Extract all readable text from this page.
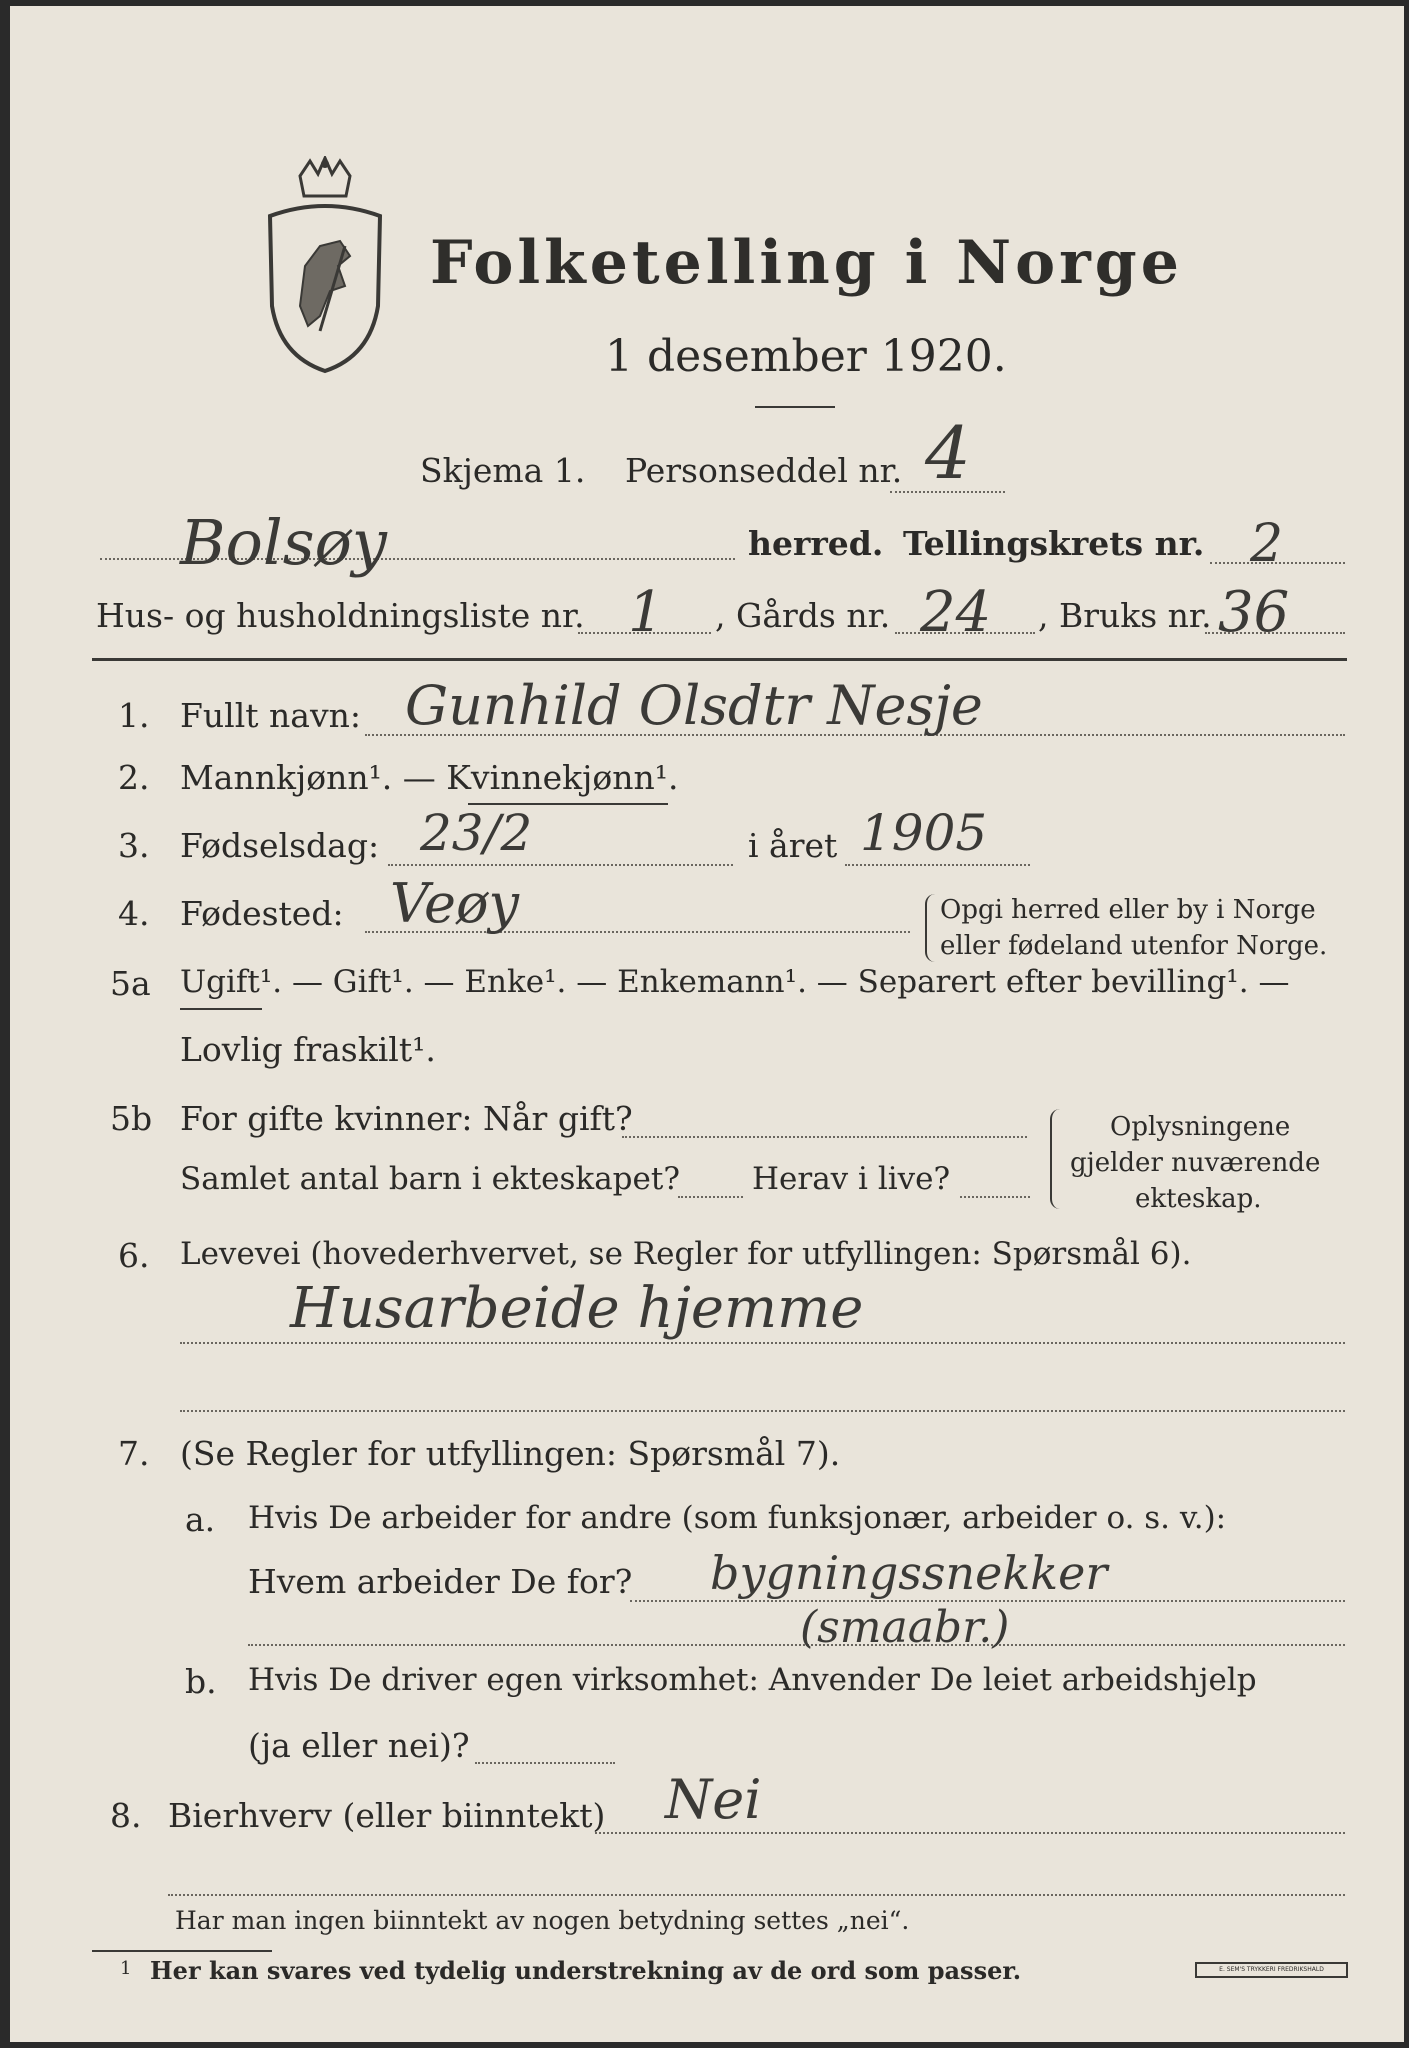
Folketelling i Norge
1 desember 1920.
Skjema 1. Personseddel nr. 4
Bolsøy	herred. Tellingskrets nr. 2
Hus- og husholdningsliste nr. 1 , Gårds nr. 24 , Bruks nr. 36
1. Fullt navn: Gunhild Olsdtr Nesje
2. Mannkjønn¹. — Kvinnekjønn¹.
3. Fødselsdag: 23/2	i året 1905
4. Fødested: Veøy	Opgi herred eller by i Norge
eller fødeland utenfor Norge.
5a Ugift¹. — Gift¹. — Enke¹. — Enkemann¹. — Separert efter bevilling¹. —
Lovlig fraskilt¹.
5b For gifte kvinner: Når gift?
Samlet antal barn i ekteskapet? Herav i live?
Oplysningene
gjelder nuværende
ekteskap.
6. Levevei (hovederhvervet, se Regler for utfyllingen: Spørsmål 6).
Husarbeide hjemme
7. (Se Regler for utfyllingen: Spørsmål 7).
a. Hvis De arbeider for andre (som funksjonær, arbeider o. s. v.):
Hvem arbeider De for? bygningssnekker
(smaabr.)
b. Hvis De driver egen virksomhet: Anvender De leiet arbeidshjelp
(ja eller nei)?
8. Bierhverv (eller biinntekt) Nei
Har man ingen biinntekt av nogen betydning settes „nei“.
1 Her kan svares ved tydelig understrekning av de ord som passer.	E. SEM'S TRYKKERI FREDRIKSHALD
